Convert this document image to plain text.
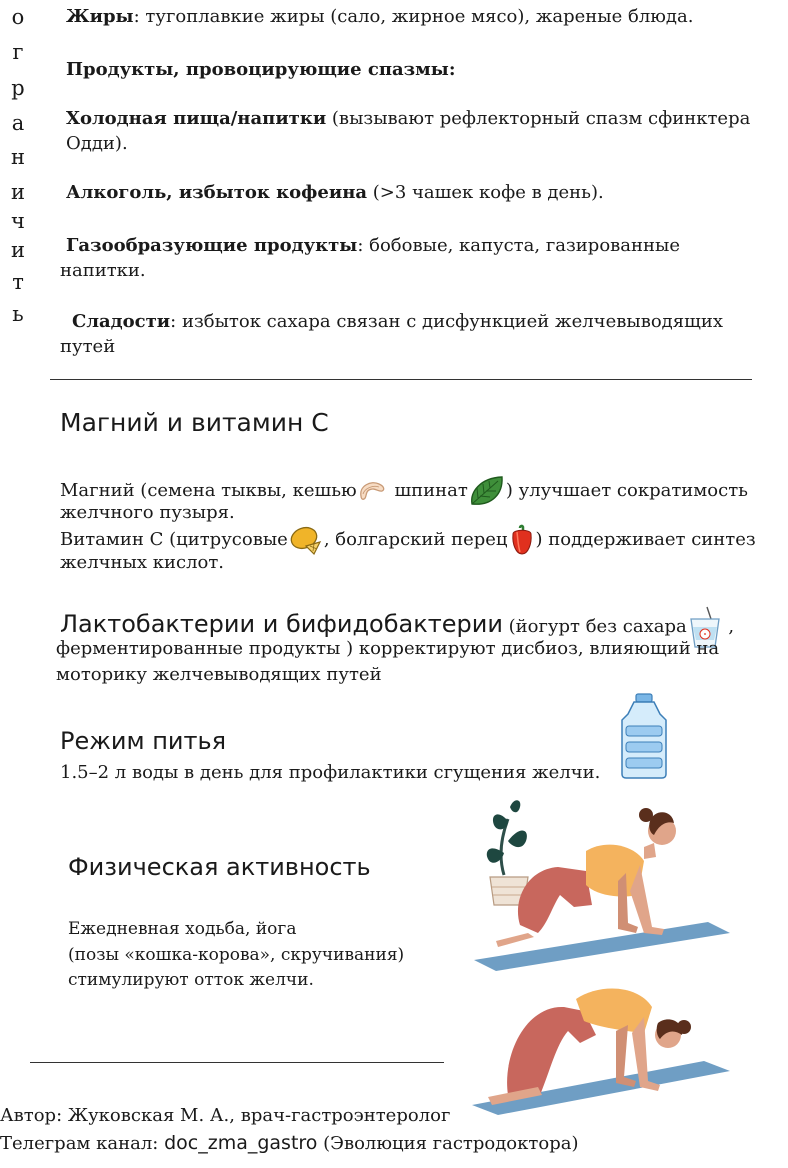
о
г
р
а
н
и
ч
и
т
ь
Жиры: тугоплавкие жиры (сало, жирное мясо), жареные блюда.
Продукты, провоцирующие спазмы:
Холодная пища/напитки (вызывают рефлекторный спазм сфинктера
Одди).
Алкоголь, избыток кофеина (>3 чашек кофе в день).
Газообразующие продукты: бобовые, капуста, газированные
напитки.
Сладости: избыток сахара связан с дисфункцией желчевыводящих
путей
Магний и витамин С
Магний (семена тыквы, кешью
шпинат ) улучшает сократимость
желчного пузыря.
Витамин С (цитрусовые , болгарский перец ) поддерживает синтез
желчных кислот.
Лактобактерии и бифидобактерии (йогурт без сахара
,
ферментированные продукты ) корректируют дисбиоз, влияющий на
моторику желчевыводящих путей
Режим питья
1.5–2 л воды в день для профилактики сгущения желчи.
Физическая активность
Ежедневная ходьба, йога
(позы «кошка-корова», скручивания)
стимулируют отток желчи.
Автор: Жуковская М. А., врач-гастроэнтеролог
Телеграм канал: doc_zma_gastro (Эволюция гастродоктора)
